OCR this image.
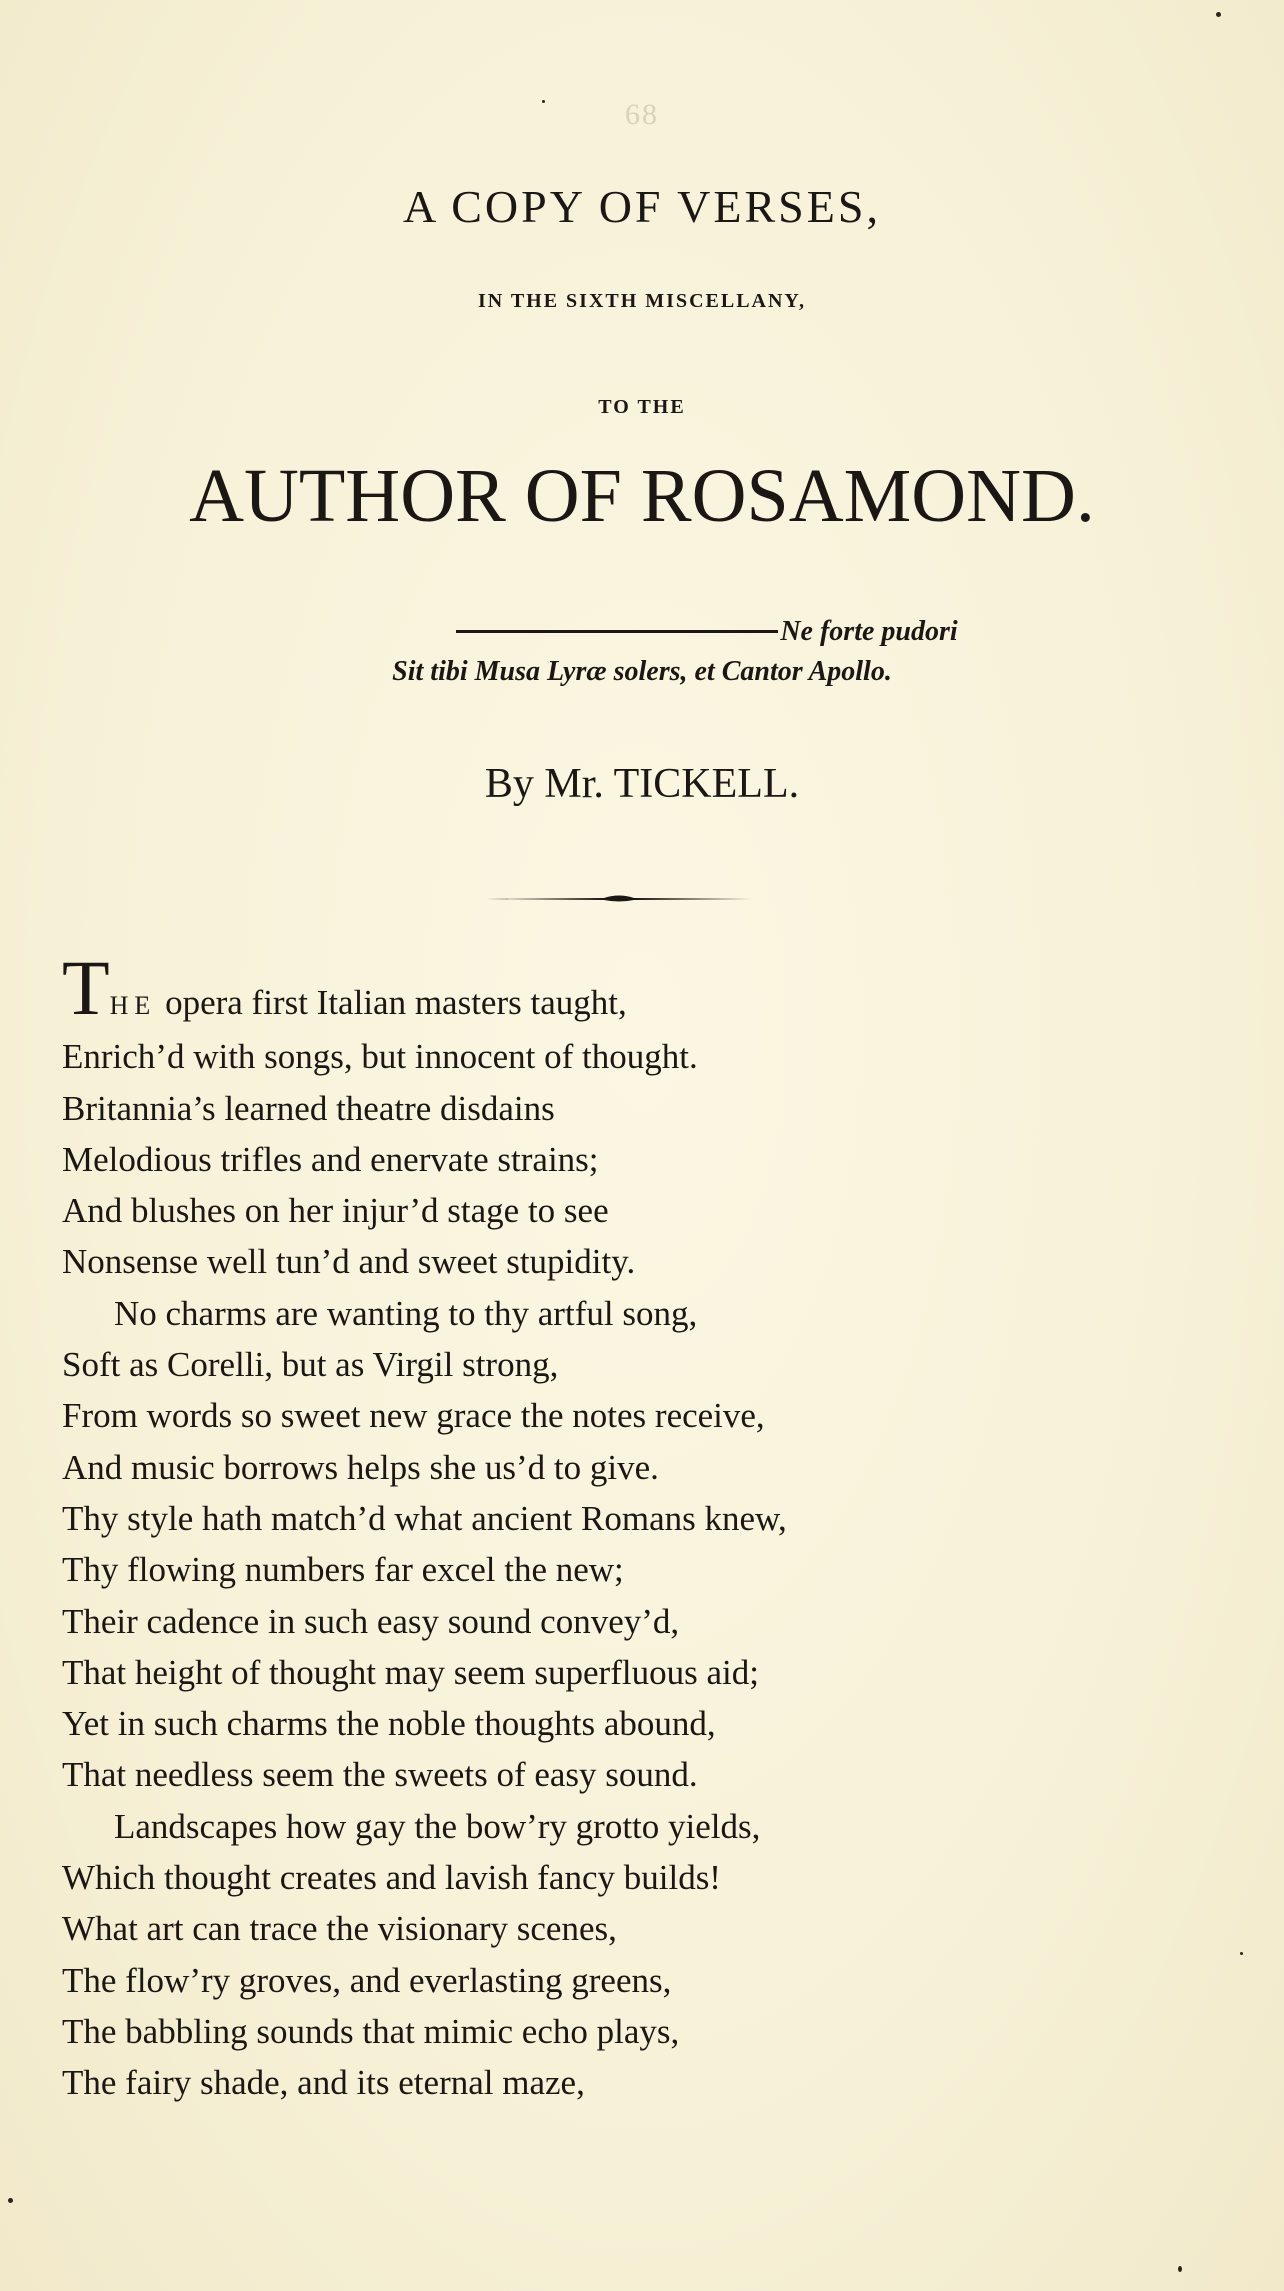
68
A COPY OF VERSES,
IN THE SIXTH MISCELLANY,
TO THE
AUTHOR OF ROSAMOND.
Ne forte pudori
Sit tibi Musa Lyræ solers, et Cantor Apollo.
By Mr. TICKELL.
THE opera first Italian masters taught,
Enrich’d with songs, but innocent of thought.
Britannia’s learned theatre disdains
Melodious trifles and enervate strains;
And blushes on her injur’d stage to see
Nonsense well tun’d and sweet stupidity.
No charms are wanting to thy artful song,
Soft as Corelli, but as Virgil strong,
From words so sweet new grace the notes receive,
And music borrows helps she us’d to give.
Thy style hath match’d what ancient Romans knew,
Thy flowing numbers far excel the new;
Their cadence in such easy sound convey’d,
That height of thought may seem superfluous aid;
Yet in such charms the noble thoughts abound,
That needless seem the sweets of easy sound.
Landscapes how gay the bow’ry grotto yields,
Which thought creates and lavish fancy builds!
What art can trace the visionary scenes,
The flow’ry groves, and everlasting greens,
The babbling sounds that mimic echo plays,
The fairy shade, and its eternal maze,
